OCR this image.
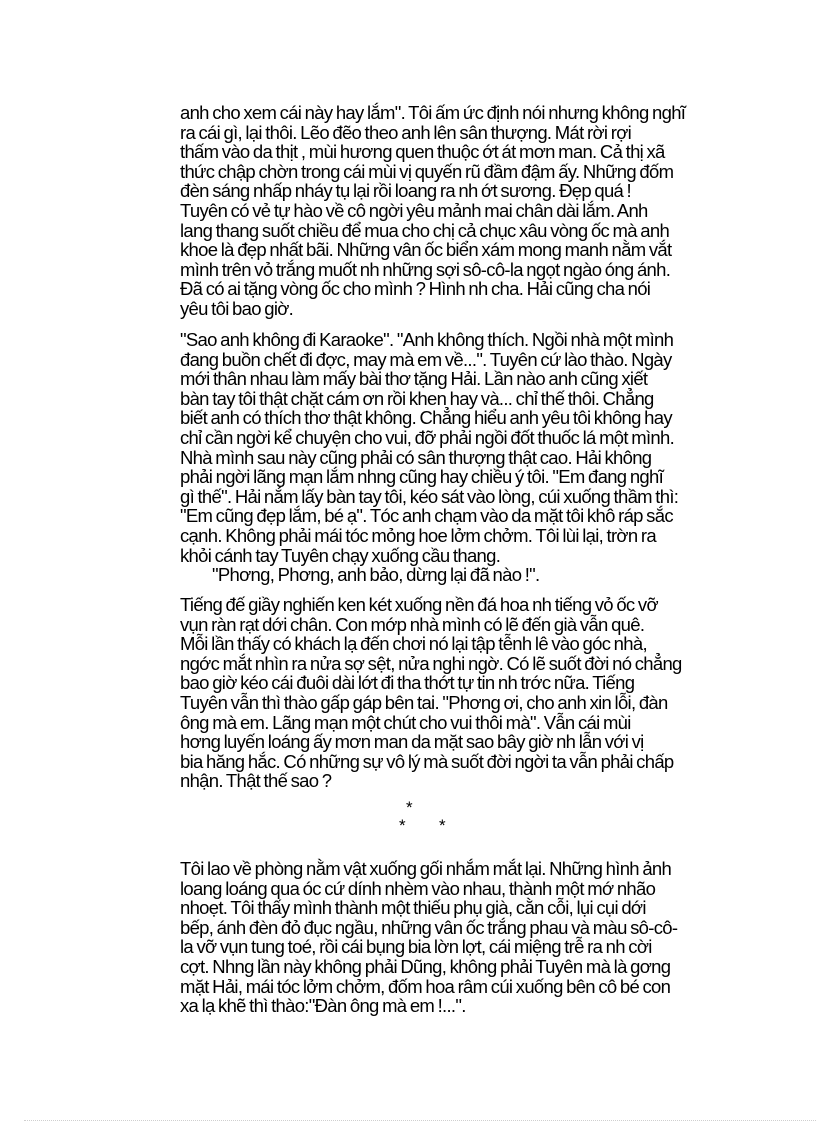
anh cho xem cái này hay lắm". Tôi ấm ức định nói nhưng không nghĩ
ra cái gì, lại thôi. Lẽo đẽo theo anh lên sân thượng. Mát rời rợi
thấm vào da thịt , mùi hương quen thuộc ớt át mơn man. Cả thị xã
thức chập chờn trong cái mùi vị quyến rũ đầm đậm ấy. Những đốm
đèn sáng nhấp nháy tụ lại rồi loang ra nh ớt sương. Đẹp quá !
Tuyên có vẻ tự hào về cô ngời yêu mảnh mai chân dài lắm. Anh
lang thang suốt chiều để mua cho chị cả chục xâu vòng ốc mà anh
khoe là đẹp nhất bãi. Những vân ốc biển xám mong manh nằm vắt
mình trên vỏ trắng muốt nh những sợi sô-cô-la ngọt ngào óng ánh.
Đã có ai tặng vòng ốc cho mình ? Hình nh cha. Hải cũng cha nói
yêu tôi bao giờ.

"Sao anh không đi Karaoke". "Anh không thích. Ngồi nhà một mình
đang buồn chết đi đợc, may mà em về...". Tuyên cứ lào thào. Ngày
mới thân nhau làm mấy bài thơ tặng Hải. Lần nào anh cũng xiết
bàn tay tôi thật chặt cám ơn rồi khen hay và... chỉ thế thôi. Chẳng
biết anh có thích thơ thật không. Chẳng hiểu anh yêu tôi không hay
chỉ cần ngời kể chuyện cho vui, đỡ phải ngồi đốt thuốc lá một mình.
Nhà mình sau này cũng phải có sân thượng thật cao. Hải không
phải ngời lãng mạn lắm nhng cũng hay chiều ý tôi. "Em đang nghĩ
gì thế". Hải nắm lấy bàn tay tôi, kéo sát vào lòng, cúi xuống thầm thì:
"Em cũng đẹp lắm, bé ạ". Tóc anh chạm vào da mặt tôi khô ráp sắc
cạnh. Không phải mái tóc mỏng hoe lởm chởm. Tôi lùi lại, trờn ra
khỏi cánh tay Tuyên chạy xuống cầu thang.
"Phơng, Phơng, anh bảo, dừng lại đã nào !".

Tiếng đế giầy nghiến ken két xuống nền đá hoa nh tiếng vỏ ốc vỡ
vụn ràn rạt dới chân. Con mớp nhà mình có lẽ đến già vẫn quê.
Mỗi lần thấy có khách lạ đến chơi nó lại tập tễnh lê vào góc nhà,
ngớc mắt nhìn ra nửa sợ sệt, nửa nghi ngờ. Có lẽ suốt đời nó chẳng
bao giờ kéo cái đuôi dài lớt đi tha thớt tự tin nh trớc nữa. Tiếng
Tuyên vẫn thì thào gấp gáp bên tai. "Phơng ơi, cho anh xin lỗi, đàn
ông mà em. Lãng mạn một chút cho vui thôi mà". Vẫn cái mùi
hơng luyến loáng ấy mơn man da mặt sao bây giờ nh lẫn với vị
bia hăng hắc. Có những sự vô lý mà suốt đời ngời ta vẫn phải chấp
nhận. Thật thế sao ?

*
* *

Tôi lao về phòng nằm vật xuống gối nhắm mắt lại. Những hình ảnh
loang loáng qua óc cứ dính nhèm vào nhau, thành một mớ nhão
nhoẹt. Tôi thấy mình thành một thiếu phụ già, cằn cỗi, lụi cụi dới
bếp, ánh đèn đỏ đục ngầu, những vân ốc trắng phau và màu sô-cô-
la vỡ vụn tung toé, rồi cái bụng bia lờn lợt, cái miệng trễ ra nh cời
cợt. Nhng lần này không phải Dũng, không phải Tuyên mà là gơng
mặt Hải, mái tóc lởm chởm, đốm hoa râm cúi xuống bên cô bé con
xa lạ khẽ thì thào:"Đàn ông mà em !...".
